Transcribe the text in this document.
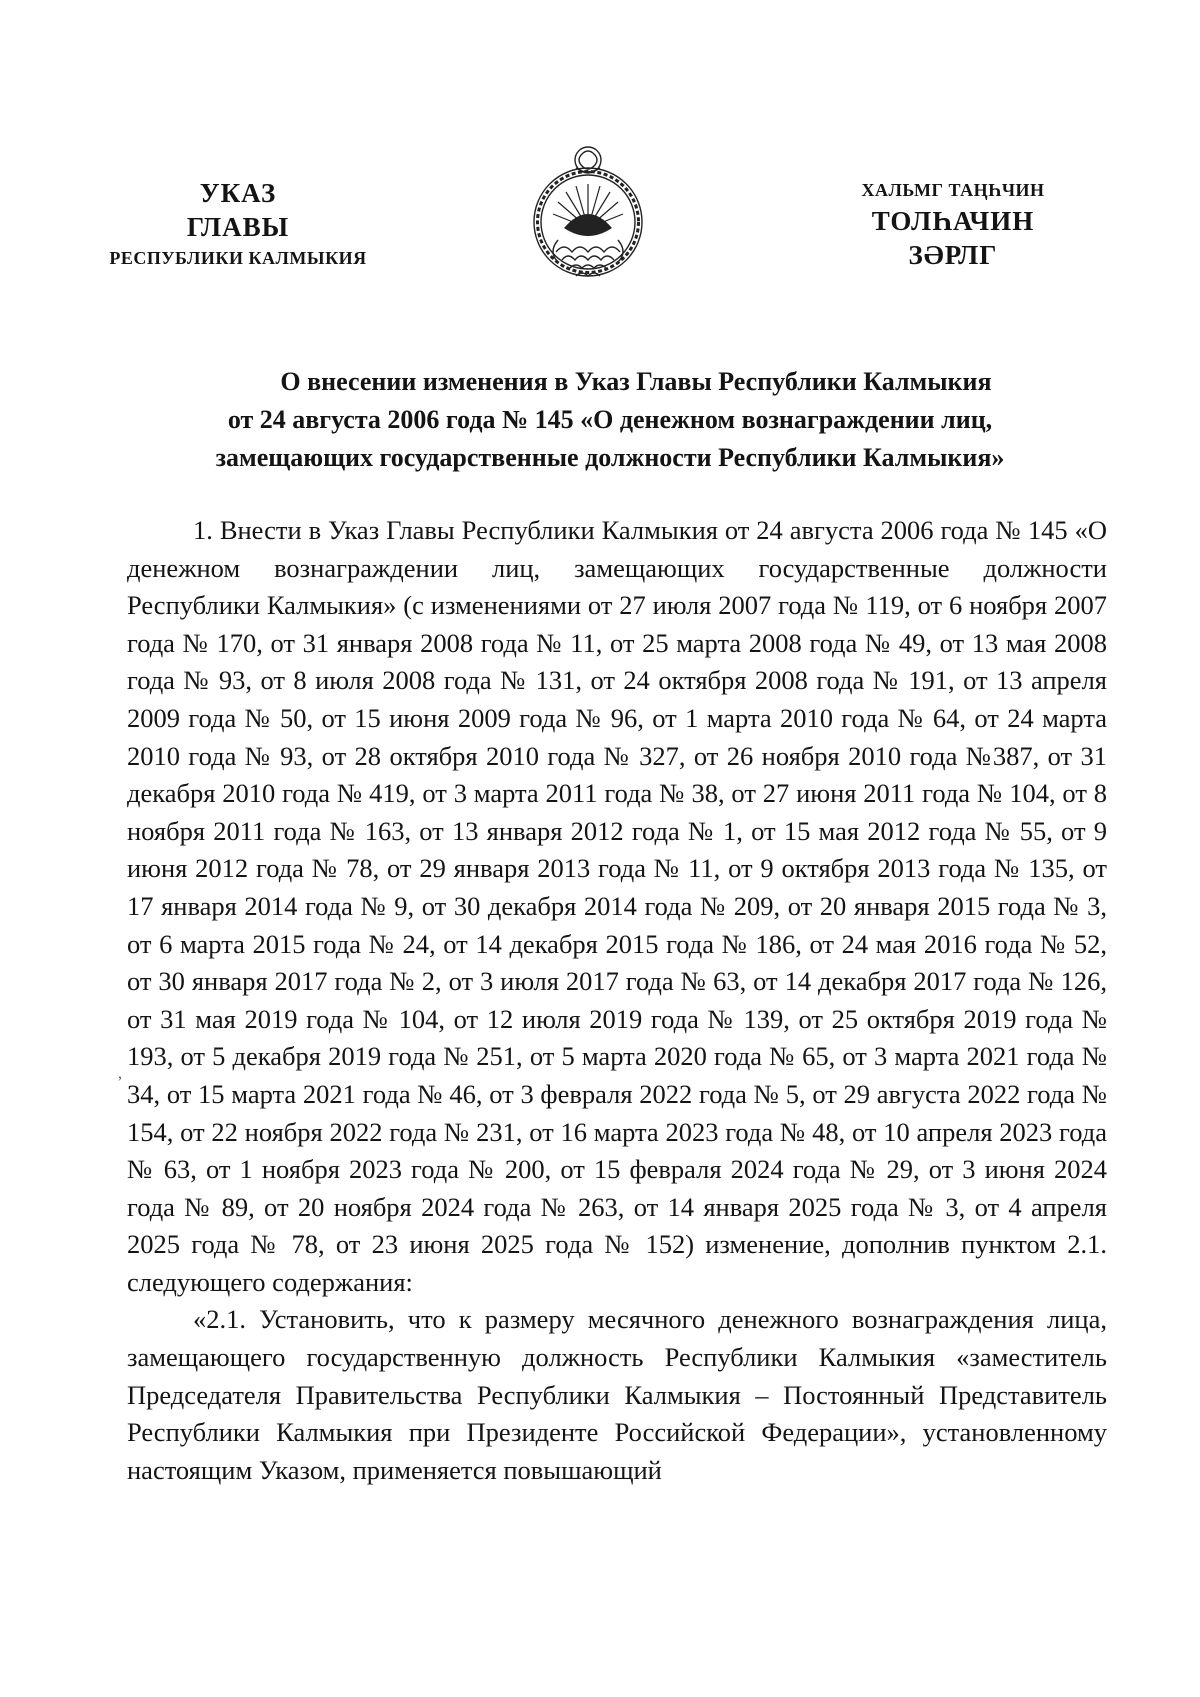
УКАЗ
ГЛАВЫ
РЕСПУБЛИКИ КАЛМЫКИЯ
ХАЛЬМГ ТАҢҺЧИН
ТОЛҺАЧИН
ЗӘРЛГ
О внесении изменения в Указ Главы Республики Калмыкия
от 24 августа 2006 года № 145 «О денежном вознаграждении лиц,
замещающих государственные должности Республики Калмыкия»

1. Внести в Указ Главы Республики Калмыкия от 24 августа 2006 года № 145 «О денежном вознаграждении лиц, замещающих государственные должности Республики Калмыкия» (с изменениями от 27 июля 2007 года № 119, от 6 ноября 2007 года № 170, от 31 января 2008 года № 11, от 25 марта 2008 года № 49, от 13 мая 2008 года № 93, от 8 июля 2008 года № 131, от 24 октября 2008 года № 191, от 13 апреля 2009 года № 50, от 15 июня 2009 года № 96, от 1 марта 2010 года № 64, от 24 марта 2010 года № 93, от 28 октября 2010 года № 327, от 26 ноября 2010 года №387, от 31 декабря 2010 года № 419, от 3 марта 2011 года № 38, от 27 июня 2011 года № 104, от 8 ноября 2011 года № 163, от 13 января 2012 года № 1, от 15 мая 2012 года № 55, от 9 июня 2012 года № 78, от 29 января 2013 года № 11, от 9 октября 2013 года № 135, от 17 января 2014 года № 9, от 30 декабря 2014 года № 209, от 20 января 2015 года № 3, от 6 марта 2015 года № 24, от 14 декабря 2015 года № 186, от 24 мая 2016 года № 52, от 30 января 2017 года № 2, от 3 июля 2017 года № 63, от 14 декабря 2017 года № 126, от 31 мая 2019 года № 104, от 12 июля 2019 года № 139, от 25 октября 2019 года № 193, от 5 декабря 2019 года № 251, от 5 марта 2020 года № 65, от 3 марта 2021 года № 34, от 15 марта 2021 года № 46, от 3 февраля 2022 года № 5, от 29 августа 2022 года № 154, от 22 ноября 2022 года № 231, от 16 марта 2023 года № 48, от 10 апреля 2023 года № 63, от 1 ноября 2023 года № 200, от 15 февраля 2024 года № 29, от 3 июня 2024 года № 89, от 20 ноября 2024 года № 263, от 14 января 2025 года № 3, от 4 апреля 2025 года № 78, от 23 июня 2025 года № 152) изменение, дополнив пунктом 2.1. следующего содержания:

«2.1. Установить, что к размеру месячного денежного вознаграждения лица, замещающего государственную должность Республики Калмыкия «заместитель Председателя Правительства Республики Калмыкия – Постоянный Представитель Республики Калмыкия при Президенте Российской Федерации», установленному настоящим Указом, применяется повышающий

,
